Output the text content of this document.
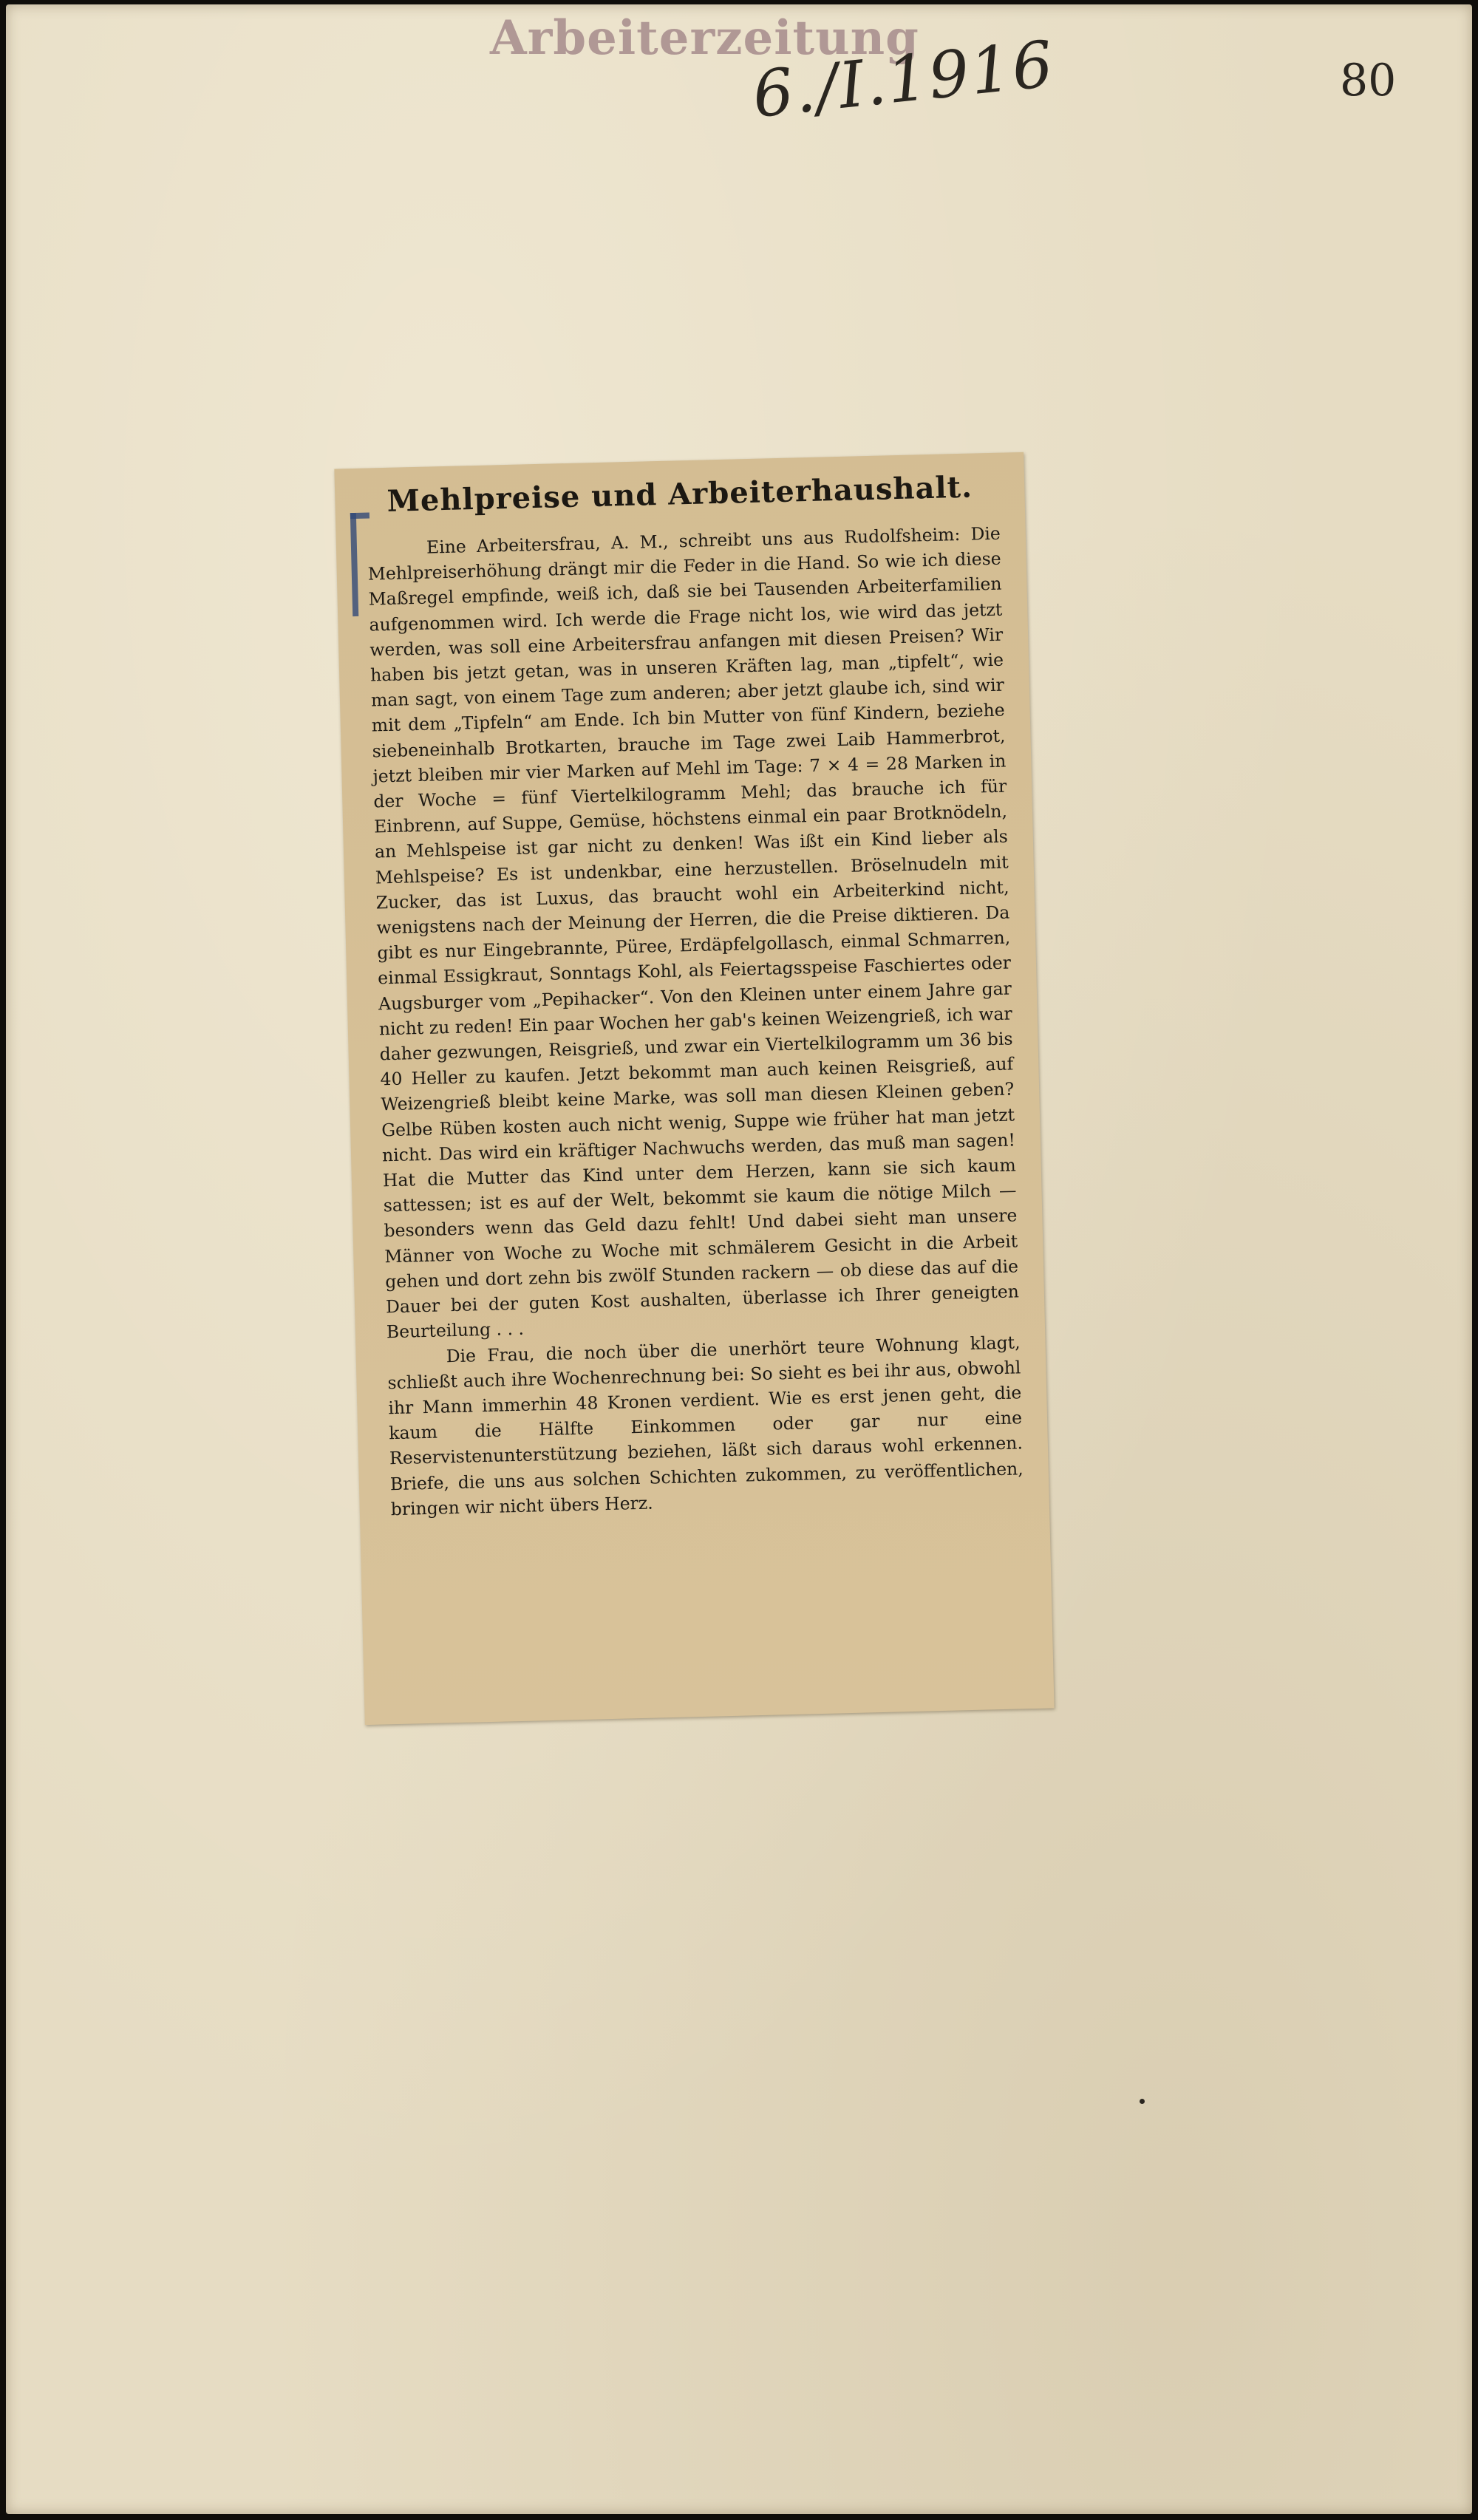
Arbeiterzeitung
6./I.1916	80
Mehlpreise und Arbeiterhaushalt.

Eine Arbeitersfrau, A. M., schreibt uns aus Rudolfsheim: Die Mehlpreiserhöhung drängt mir die Feder in die Hand. So wie ich diese Maßregel empfinde, weiß ich, daß sie bei Tausenden Arbeiterfamilien aufgenommen wird. Ich werde die Frage nicht los, wie wird das jetzt werden, was soll eine Arbeitersfrau anfangen mit diesen Preisen? Wir haben bis jetzt getan, was in unseren Kräften lag, man „tipfelt“, wie man sagt, von einem Tage zum anderen; aber jetzt glaube ich, sind wir mit dem „Tipfeln“ am Ende. Ich bin Mutter von fünf Kindern, beziehe siebeneinhalb Brotkarten, brauche im Tage zwei Laib Hammerbrot, jetzt bleiben mir vier Marken auf Mehl im Tage: 7 × 4 = 28 Marken in der Woche = fünf Viertelkilogramm Mehl; das brauche ich für Einbrenn, auf Suppe, Gemüse, höchstens einmal ein paar Brotknödeln, an Mehlspeise ist gar nicht zu denken! Was ißt ein Kind lieber als Mehlspeise? Es ist undenkbar, eine herzustellen. Bröselnudeln mit Zucker, das ist Luxus, das braucht wohl ein Arbeiterkind nicht, wenigstens nach der Meinung der Herren, die die Preise diktieren. Da gibt es nur Eingebrannte, Püree, Erdäpfelgollasch, einmal Schmarren, einmal Essigkraut, Sonntags Kohl, als Feiertagsspeise Faschiertes oder Augsburger vom „Pepihacker“. Von den Kleinen unter einem Jahre gar nicht zu reden! Ein paar Wochen her gab's keinen Weizengrieß, ich war daher gezwungen, Reisgrieß, und zwar ein Viertelkilogramm um 36 bis 40 Heller zu kaufen. Jetzt bekommt man auch keinen Reisgrieß, auf Weizengrieß bleibt keine Marke, was soll man diesen Kleinen geben? Gelbe Rüben kosten auch nicht wenig, Suppe wie früher hat man jetzt nicht. Das wird ein kräftiger Nachwuchs werden, das muß man sagen! Hat die Mutter das Kind unter dem Herzen, kann sie sich kaum sattessen; ist es auf der Welt, bekommt sie kaum die nötige Milch — besonders wenn das Geld dazu fehlt! Und dabei sieht man unsere Männer von Woche zu Woche mit schmälerem Gesicht in die Arbeit gehen und dort zehn bis zwölf Stunden rackern — ob diese das auf die Dauer bei der guten Kost aushalten, überlasse ich Ihrer geneigten Beurteilung . . .

Die Frau, die noch über die unerhört teure Wohnung klagt, schließt auch ihre Wochenrechnung bei: So sieht es bei ihr aus, obwohl ihr Mann immerhin 48 Kronen verdient. Wie es erst jenen geht, die kaum die Hälfte Einkommen oder gar nur eine Reservistenunterstützung beziehen, läßt sich daraus wohl erkennen. Briefe, die uns aus solchen Schichten zukommen, zu veröffentlichen, bringen wir nicht übers Herz.
